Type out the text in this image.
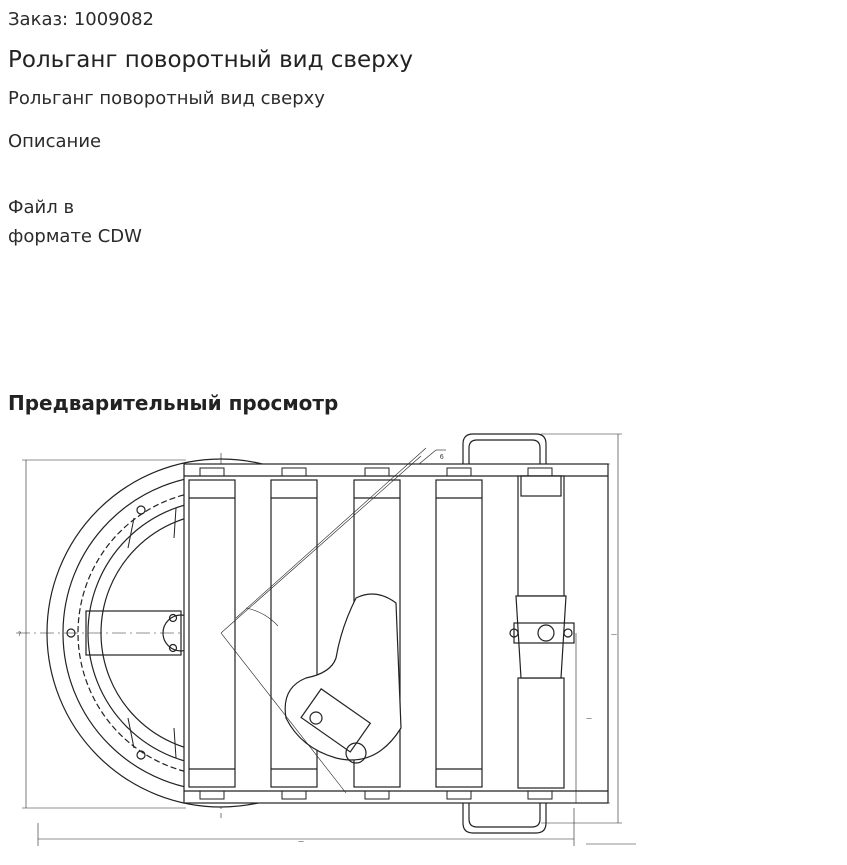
Заказ: 1009082
Рольганг поворотный вид сверху
Рольганг поворотный вид сверху
Описание
Файл в
формате CDW
Предварительный просмотр
?
—
—
—
б
